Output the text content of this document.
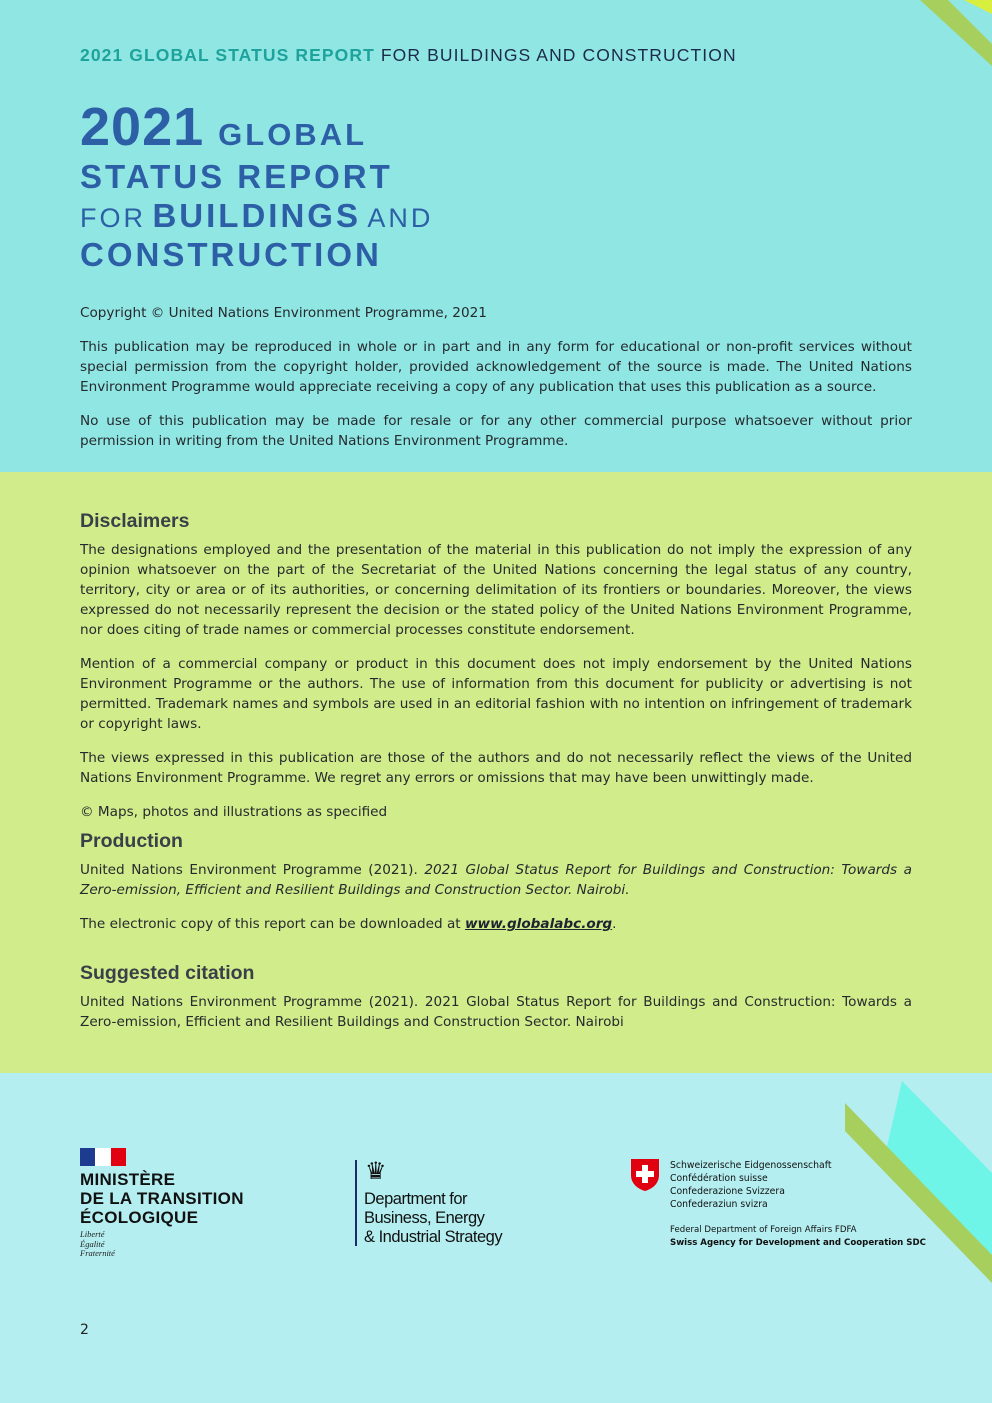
2021 GLOBAL STATUS REPORT FOR BUILDINGS AND CONSTRUCTION
2021 GLOBAL
STATUS REPORT
FOR BUILDINGS AND
CONSTRUCTION

Copyright © United Nations Environment Programme, 2021

This publication may be reproduced in whole or in part and in any form for educational or non-profit services without special permission from the copyright holder, provided acknowledgement of the source is made. The United Nations Environment Programme would appreciate receiving a copy of any publication that uses this publication as a source.

No use of this publication may be made for resale or for any other commercial purpose whatsoever without prior permission in writing from the United Nations Environment Programme.

Disclaimers

The designations employed and the presentation of the material in this publication do not imply the expression of any opinion whatsoever on the part of the Secretariat of the United Nations concerning the legal status of any country, territory, city or area or of its authorities, or concerning delimitation of its frontiers or boundaries. Moreover, the views expressed do not necessarily represent the decision or the stated policy of the United Nations Environment Programme, nor does citing of trade names or commercial processes constitute endorsement.

Mention of a commercial company or product in this document does not imply endorsement by the United Nations Environment Programme or the authors. The use of information from this document for publicity or advertising is not permitted. Trademark names and symbols are used in an editorial fashion with no intention on infringement of trademark or copyright laws.

The views expressed in this publication are those of the authors and do not necessarily reflect the views of the United Nations Environment Programme. We regret any errors or omissions that may have been unwittingly made.

© Maps, photos and illustrations as specified

Production

United Nations Environment Programme (2021). 2021 Global Status Report for Buildings and Construction: Towards a Zero-emission, Efficient and Resilient Buildings and Construction Sector. Nairobi.

The electronic copy of this report can be downloaded at www.globalabc.org.

Suggested citation

United Nations Environment Programme (2021). 2021 Global Status Report for Buildings and Construction: Towards a Zero-emission, Efficient and Resilient Buildings and Construction Sector. Nairobi

MINISTÈRE
DE LA TRANSITION
ÉCOLOGIQUE
Liberté
Égalité
Fraternité
♛
Department for
Business, Energy
& Industrial Strategy
Schweizerische Eidgenossenschaft
Confédération suisse
Confederazione Svizzera
Confederaziun svizra
Federal Department of Foreign Affairs FDFA
Swiss Agency for Development and Cooperation SDC
2
